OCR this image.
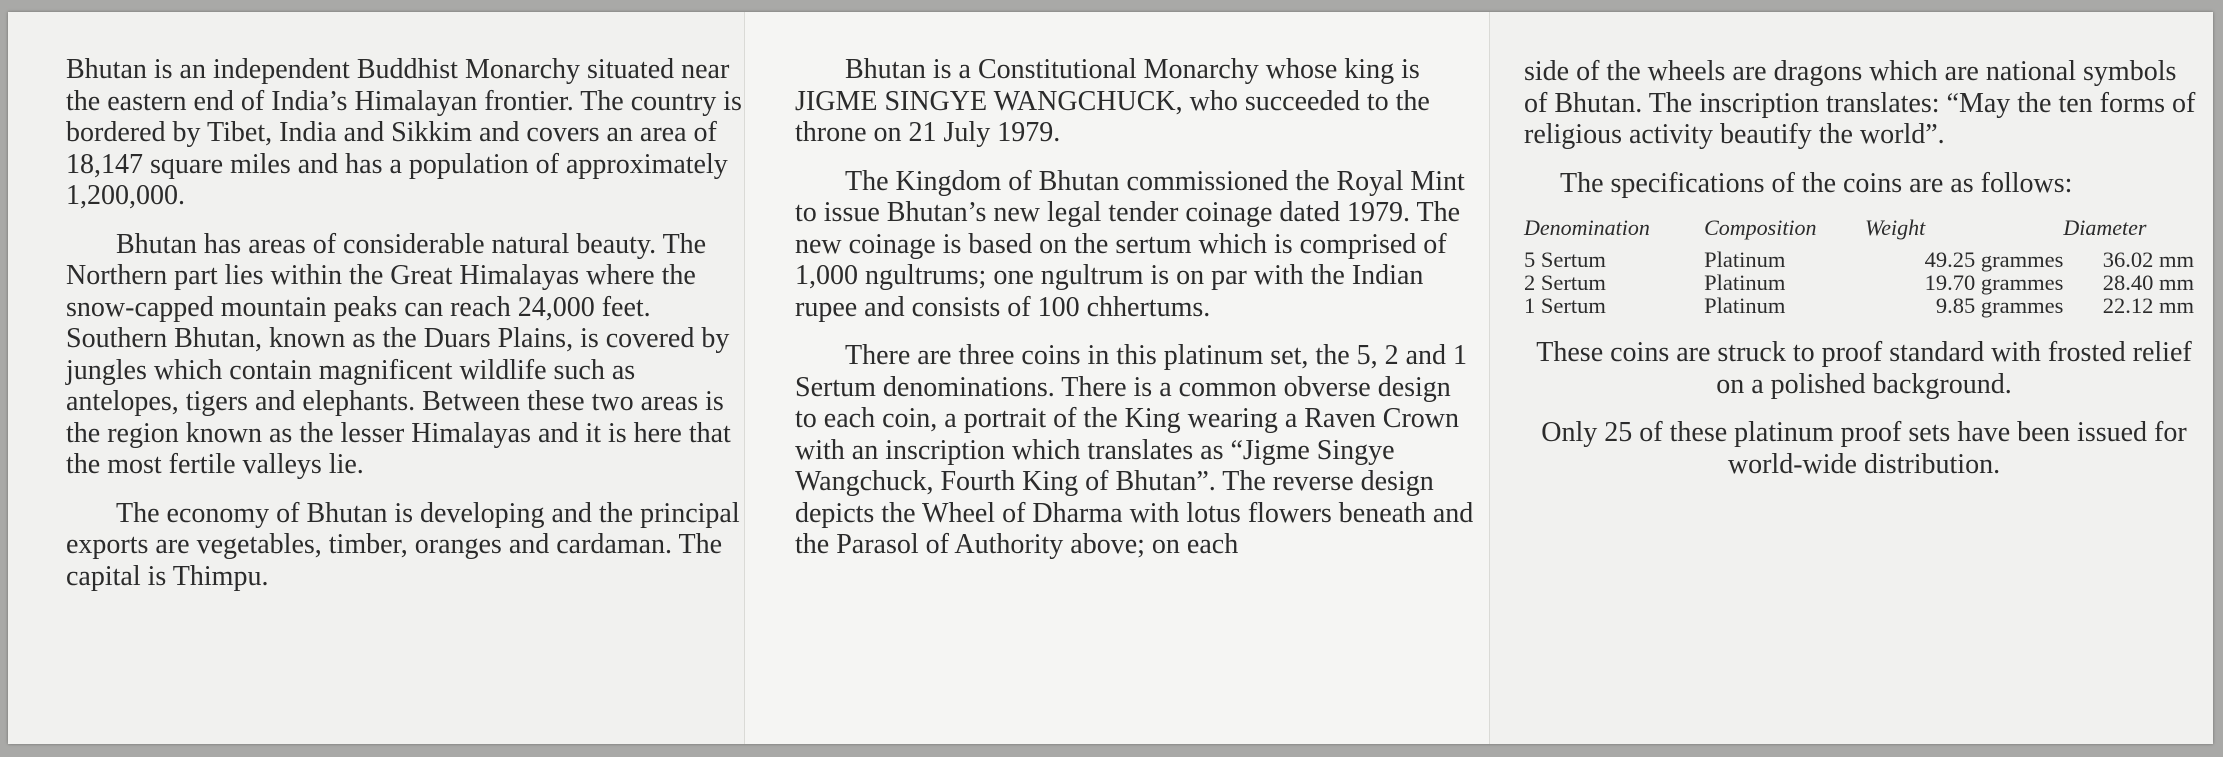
Bhutan is an independent Buddhist Monarchy situated near the eastern end of India’s Himalayan frontier. The country is bordered by Tibet, India and Sikkim and covers an area of 18,147 square miles and has a population of approximately 1,200,000.

Bhutan has areas of considerable natural beauty. The Northern part lies within the Great Himalayas where the snow-capped mountain peaks can reach 24,000 feet. Southern Bhutan, known as the Duars Plains, is covered by jungles which contain magnificent wildlife such as antelopes, tigers and elephants. Between these two areas is the region known as the lesser Himalayas and it is here that the most fertile valleys lie.

The economy of Bhutan is developing and the principal exports are vegetables, timber, oranges and cardaman. The capital is Thimpu.

Bhutan is a Constitutional Monarchy whose king is JIGME SINGYE WANGCHUCK, who succeeded to the throne on 21 July 1979.

The Kingdom of Bhutan commissioned the Royal Mint to issue Bhutan’s new legal tender coinage dated 1979. The new coinage is based on the sertum which is comprised of 1,000 ngultrums; one ngultrum is on par with the Indian rupee and consists of 100 chhertums.

There are three coins in this platinum set, the 5, 2 and 1 Sertum denominations. There is a common obverse design to each coin, a portrait of the King wearing a Raven Crown with an inscription which translates as “Jigme Singye Wangchuck, Fourth King of Bhutan”. The reverse design depicts the Wheel of Dharma with lotus flowers beneath and the Parasol of Authority above; on each

side of the wheels are dragons which are national symbols of Bhutan. The inscription translates: “May the ten forms of religious activity beautify the world”.

The specifications of the coins are as follows:

Denomination	Composition	Weight	Diameter
5 Sertum	Platinum	49.25 grammes	36.02 mm
2 Sertum	Platinum	19.70 grammes	28.40 mm
1 Sertum	Platinum	9.85 grammes	22.12 mm

These coins are struck to proof standard with frosted relief on a polished background.

Only 25 of these platinum proof sets have been issued for world-wide distribution.
